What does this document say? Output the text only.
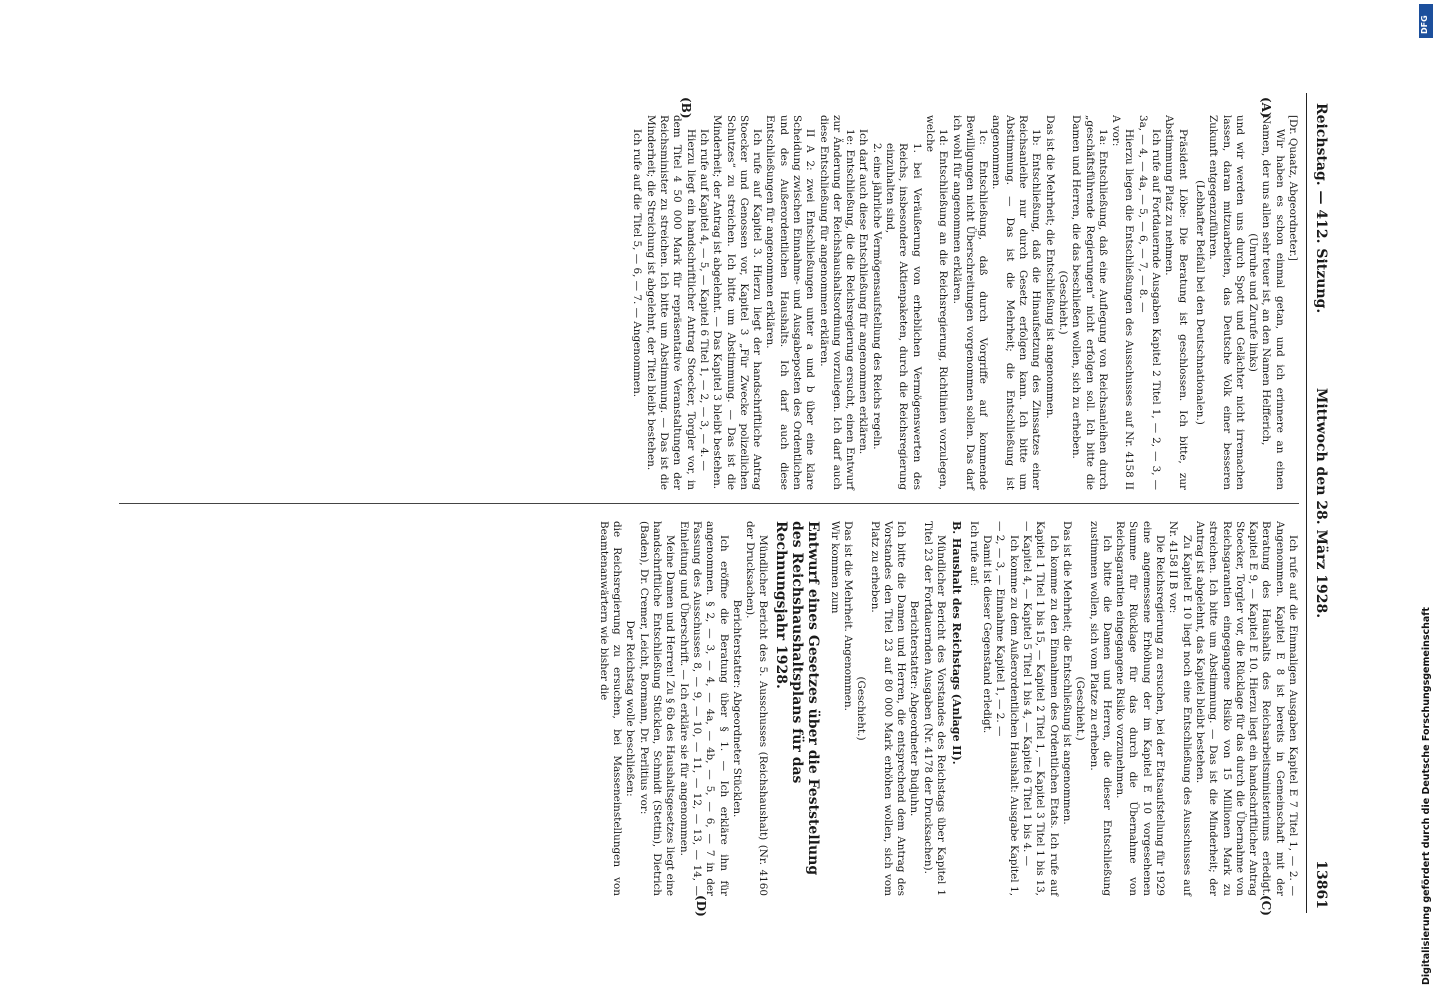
Reichstag. — 412. Sitzung.
Mittwoch den 28. März 1928.
13861
(A)
(B)
(C)
(D)

[Dr. Quaatz, Abgeordneter.]

Wir haben es schon einmal getan, und ich erinnere an einen Namen, der uns allen sehr teuer ist, an den Namen Helfferich,

(Unruhe und Zurufe links)

und wir werden uns durch Spott und Gelächter nicht irremachen lassen, daran mitzuarbeiten, das Deutsche Volk einer besseren Zukunft entgegenzuführen.

(Lebhafter Beifall bei den Deutschnationalen.)

Präsident Löbe: Die Beratung ist geschlossen. Ich bitte, zur Abstimmung Platz zu nehmen.

Ich rufe auf Fortdauernde Ausgaben Kapitel 2 Titel 1, — 2, — 3, — 3a, — 4, — 4a, — 5, — 6, — 7, — 8. —

Hierzu liegen die Entschließungen des Ausschusses auf Nr. 4158 II A vor:

1a: Entschließung, daß eine Auflegung von Reichsanleihen durch „geschäftsführende Regierungen“ nicht erfolgen soll. Ich bitte die Damen und Herren, die das beschließen wollen, sich zu erheben.

(Geschieht.)

Das ist die Mehrheit; die Entschließung ist angenommen.

1b: Entschließung, daß die Hinaufsetzung des Zinssatzes einer Reichsanleihe nur durch Gesetz erfolgen kann. Ich bitte um Abstimmung. — Das ist die Mehrheit; die Entschließung ist angenommen.

1c: Entschließung, daß durch Vorgriffe auf kommende Bewilligungen nicht Überschreitungen vorgenommen sollen. Das darf ich wohl für angenommen erklären.

1d: Entschließung an die Reichsregierung, Richtlinien vorzulegen, welche

1. bei Veräußerung von erheblichen Vermögenswerten des Reichs, insbesondere Aktienpaketen, durch die Reichsregierung einzuhalten sind,

2. eine jährliche Vermögensaufstellung des Reichs regeln.

Ich darf auch diese Entschließung für angenommen erklären.

1e: Entschließung, die die Reichsregierung ersucht, einen Entwurf zur Änderung der Reichshaushaltsordnung vorzulegen. Ich darf auch diese Entschließung für angenommen erklären.

II A 2: zwei Entschließungen unter a und b über eine klare Scheidung zwischen Einnahme- und Ausgabeposten des Ordentlichen und des Außerordentlichen Haushalts. Ich darf auch diese Entschließungen für angenommen erklären.

Ich rufe auf Kapitel 3. Hierzu liegt der handschriftliche Antrag Stoecker und Genossen vor, Kapitel 3 „Für Zwecke polizeilichen Schutzes“ zu streichen. Ich bitte um Abstimmung. — Das ist die Minderheit; der Antrag ist abgelehnt. — Das Kapitel 3 bleibt bestehen.

Ich rufe auf Kapitel 4, — 5, — Kapitel 6 Titel 1, — 2, — 3, — 4. —

Hierzu liegt ein handschriftlicher Antrag Stoecker, Torgler vor, in dem Titel 4 50 000 Mark für repräsentative Veranstaltungen der Reichsminister zu streichen. Ich bitte um Abstimmung. — Das ist die Minderheit; die Streichung ist abgelehnt, der Titel bleibt bestehen.

Ich rufe auf die Titel 5, — 6, — 7. — Angenommen.

Ich rufe auf die Einmaligen Ausgaben Kapitel E 7 Titel 1, — 2. — Angenommen. Kapitel E 8 ist bereits in Gemeinschaft mit der Beratung des Haushalts des Reichsarbeitsministeriums erledigt. Kapitel E 9, — Kapitel E 10. Hierzu liegt ein handschriftlicher Antrag Stoecker, Torgler vor, die Rücklage für das durch die Übernahme von Reichsgarantien eingegangene Risiko von 15 Millionen Mark zu streichen. Ich bitte um Abstimmung. — Das ist die Minderheit; der Antrag ist abgelehnt, das Kapitel bleibt bestehen.

Zu Kapitel E 10 liegt noch eine Entschließung des Ausschusses auf Nr. 4158 II B vor:

Die Reichsregierung zu ersuchen, bei der Etatsaufstellung für 1929 eine angemessene Erhöhung der im Kapitel E 10 vorgesehenen Summe für Rücklage für das durch die Übernahme von Reichsgarantien eingegangene Risiko vorzunehmen.

Ich bitte die Damen und Herren, die dieser Entschließung zustimmen wollen, sich vom Platze zu erheben.

(Geschieht.)

Das ist die Mehrheit; die Entschließung ist angenommen.

Ich komme zu den Einnahmen des Ordentlichen Etats. Ich rufe auf Kapitel 1 Titel 1 bis 15, — Kapitel 2 Titel 1, — Kapitel 3 Titel 1 bis 13, — Kapitel 4, — Kapitel 5 Titel 1 bis 4, — Kapitel 6 Titel 1 bis 4. —

Ich komme zu dem Außerordentlichen Haushalt: Ausgabe Kapitel 1, — 2, — 3, — Einnahme Kapitel 1, — 2. —

Damit ist dieser Gegenstand erledigt.

Ich rufe auf:

B. Haushalt des Reichstags (Anlage II).

Mündlicher Bericht des Vorstandes des Reichstags über Kapitel 1 Titel 23 der Fortdauernden Ausgaben (Nr. 4178 der Drucksachen).

Berichterstatter: Abgeordneter Budjuhn.

Ich bitte die Damen und Herren, die entsprechend dem Antrag des Vorstandes den Titel 23 auf 80 000 Mark erhöhen wollen, sich vom Platz zu erheben.

(Geschieht.)

Das ist die Mehrheit. Angenommen.

Wir kommen zum

Entwurf eines Gesetzes über die Feststellung des Reichshaushaltsplans für das Rechnungsjahr 1928.

Mündlicher Bericht des 5. Ausschusses (Reichshaushalt) (Nr. 4160 der Drucksachen).

Berichterstatter: Abgeordneter Stücklen.

Ich eröffne die Beratung über § 1. — Ich erkläre ihn für angenommen. § 2, — 3, — 4, — 4a, — 4b, — 5, — 6, — 7 in der Fassung des Ausschusses 8, — 9, — 10, — 11, — 12, — 13, — 14, — Einleitung und Überschrift. — Ich erkläre sie für angenommen.

Meine Damen und Herren! Zu § 6b des Haushaltsgesetzes liegt eine handschriftliche Entschließung Stücklen, Schmidt (Stettin), Dietrich (Baden), Dr. Cremer, Leicht, Bormann, Dr. Perlitius vor:

Der Reichstag wolle beschließen:

die Reichsregierung zu ersuchen, bei Masseneinstellungen von Beamtenanwärtern wie bisher die	Digitalisierung gefördert durch die Deutsche Forschungsgemeinschaft
DFG
